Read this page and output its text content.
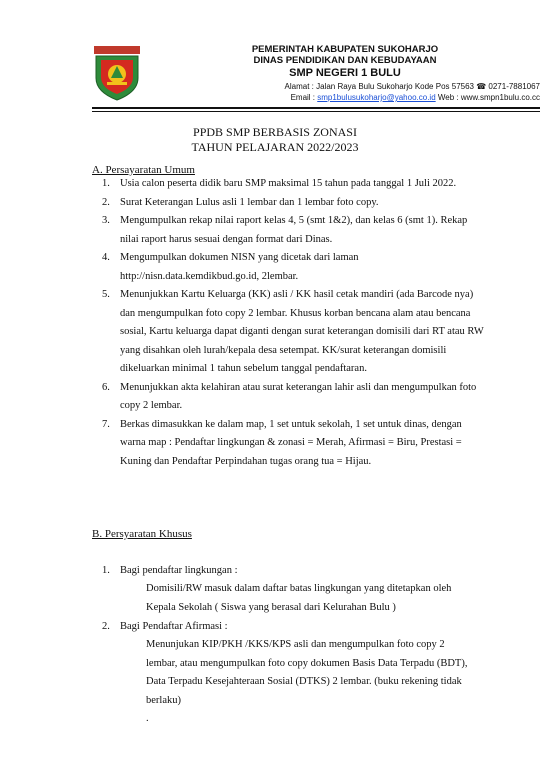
PEMERINTAH KABUPATEN SUKOHARJO
DINAS PENDIDIKAN DAN KEBUDAYAAN
SMP NEGERI 1 BULU
Alamat : Jalan Raya Bulu Sukoharjo Kode Pos 57563 ☎ 0271-7881067
Email : smp1bulusukoharjo@yahoo.co.id Web : www.smpn1bulu.co.cc
PPDB SMP BERBASIS ZONASI
TAHUN PELAJARAN 2022/2023
A. Persayaratan Umum
1. Usia calon peserta didik baru SMP maksimal 15 tahun pada tanggal 1 Juli 2022.
2. Surat Keterangan Lulus asli 1 lembar dan 1 lembar foto copy.
3. Mengumpulkan rekap nilai raport kelas 4, 5 (smt 1&2), dan kelas 6 (smt 1). Rekap nilai raport harus sesuai dengan format dari Dinas.
4. Mengumpulkan dokumen NISN yang dicetak dari laman http://nisn.data.kemdikbud.go.id, 2lembar.
5. Menunjukkan Kartu Keluarga (KK) asli / KK hasil cetak mandiri (ada Barcode nya) dan mengumpulkan foto copy 2 lembar. Khusus korban bencana alam atau bencana sosial, Kartu keluarga dapat diganti dengan surat keterangan domisili dari RT atau RW yang disahkan oleh lurah/kepala desa setempat. KK/surat keterangan domisili dikeluarkan minimal 1 tahun sebelum tanggal pendaftaran.
6. Menunjukkan akta kelahiran atau surat keterangan lahir asli dan mengumpulkan foto copy 2 lembar.
7. Berkas dimasukkan ke dalam map, 1 set untuk sekolah, 1 set untuk dinas, dengan warna map : Pendaftar lingkungan & zonasi = Merah, Afirmasi = Biru, Prestasi = Kuning dan Pendaftar Perpindahan tugas orang tua = Hijau.
B. Persyaratan Khusus
1. Bagi pendaftar lingkungan :
Domisili/RW masuk dalam daftar batas lingkungan yang ditetapkan oleh Kepala Sekolah ( Siswa yang berasal dari Kelurahan Bulu )
2. Bagi Pendaftar Afirmasi :
Menunjukan KIP/PKH /KKS/KPS asli dan mengumpulkan foto copy 2 lembar, atau mengumpulkan foto copy dokumen Basis Data Terpadu (BDT), Data Terpadu Kesejahteraan Sosial (DTKS) 2 lembar. (buku rekening tidak berlaku)
.
